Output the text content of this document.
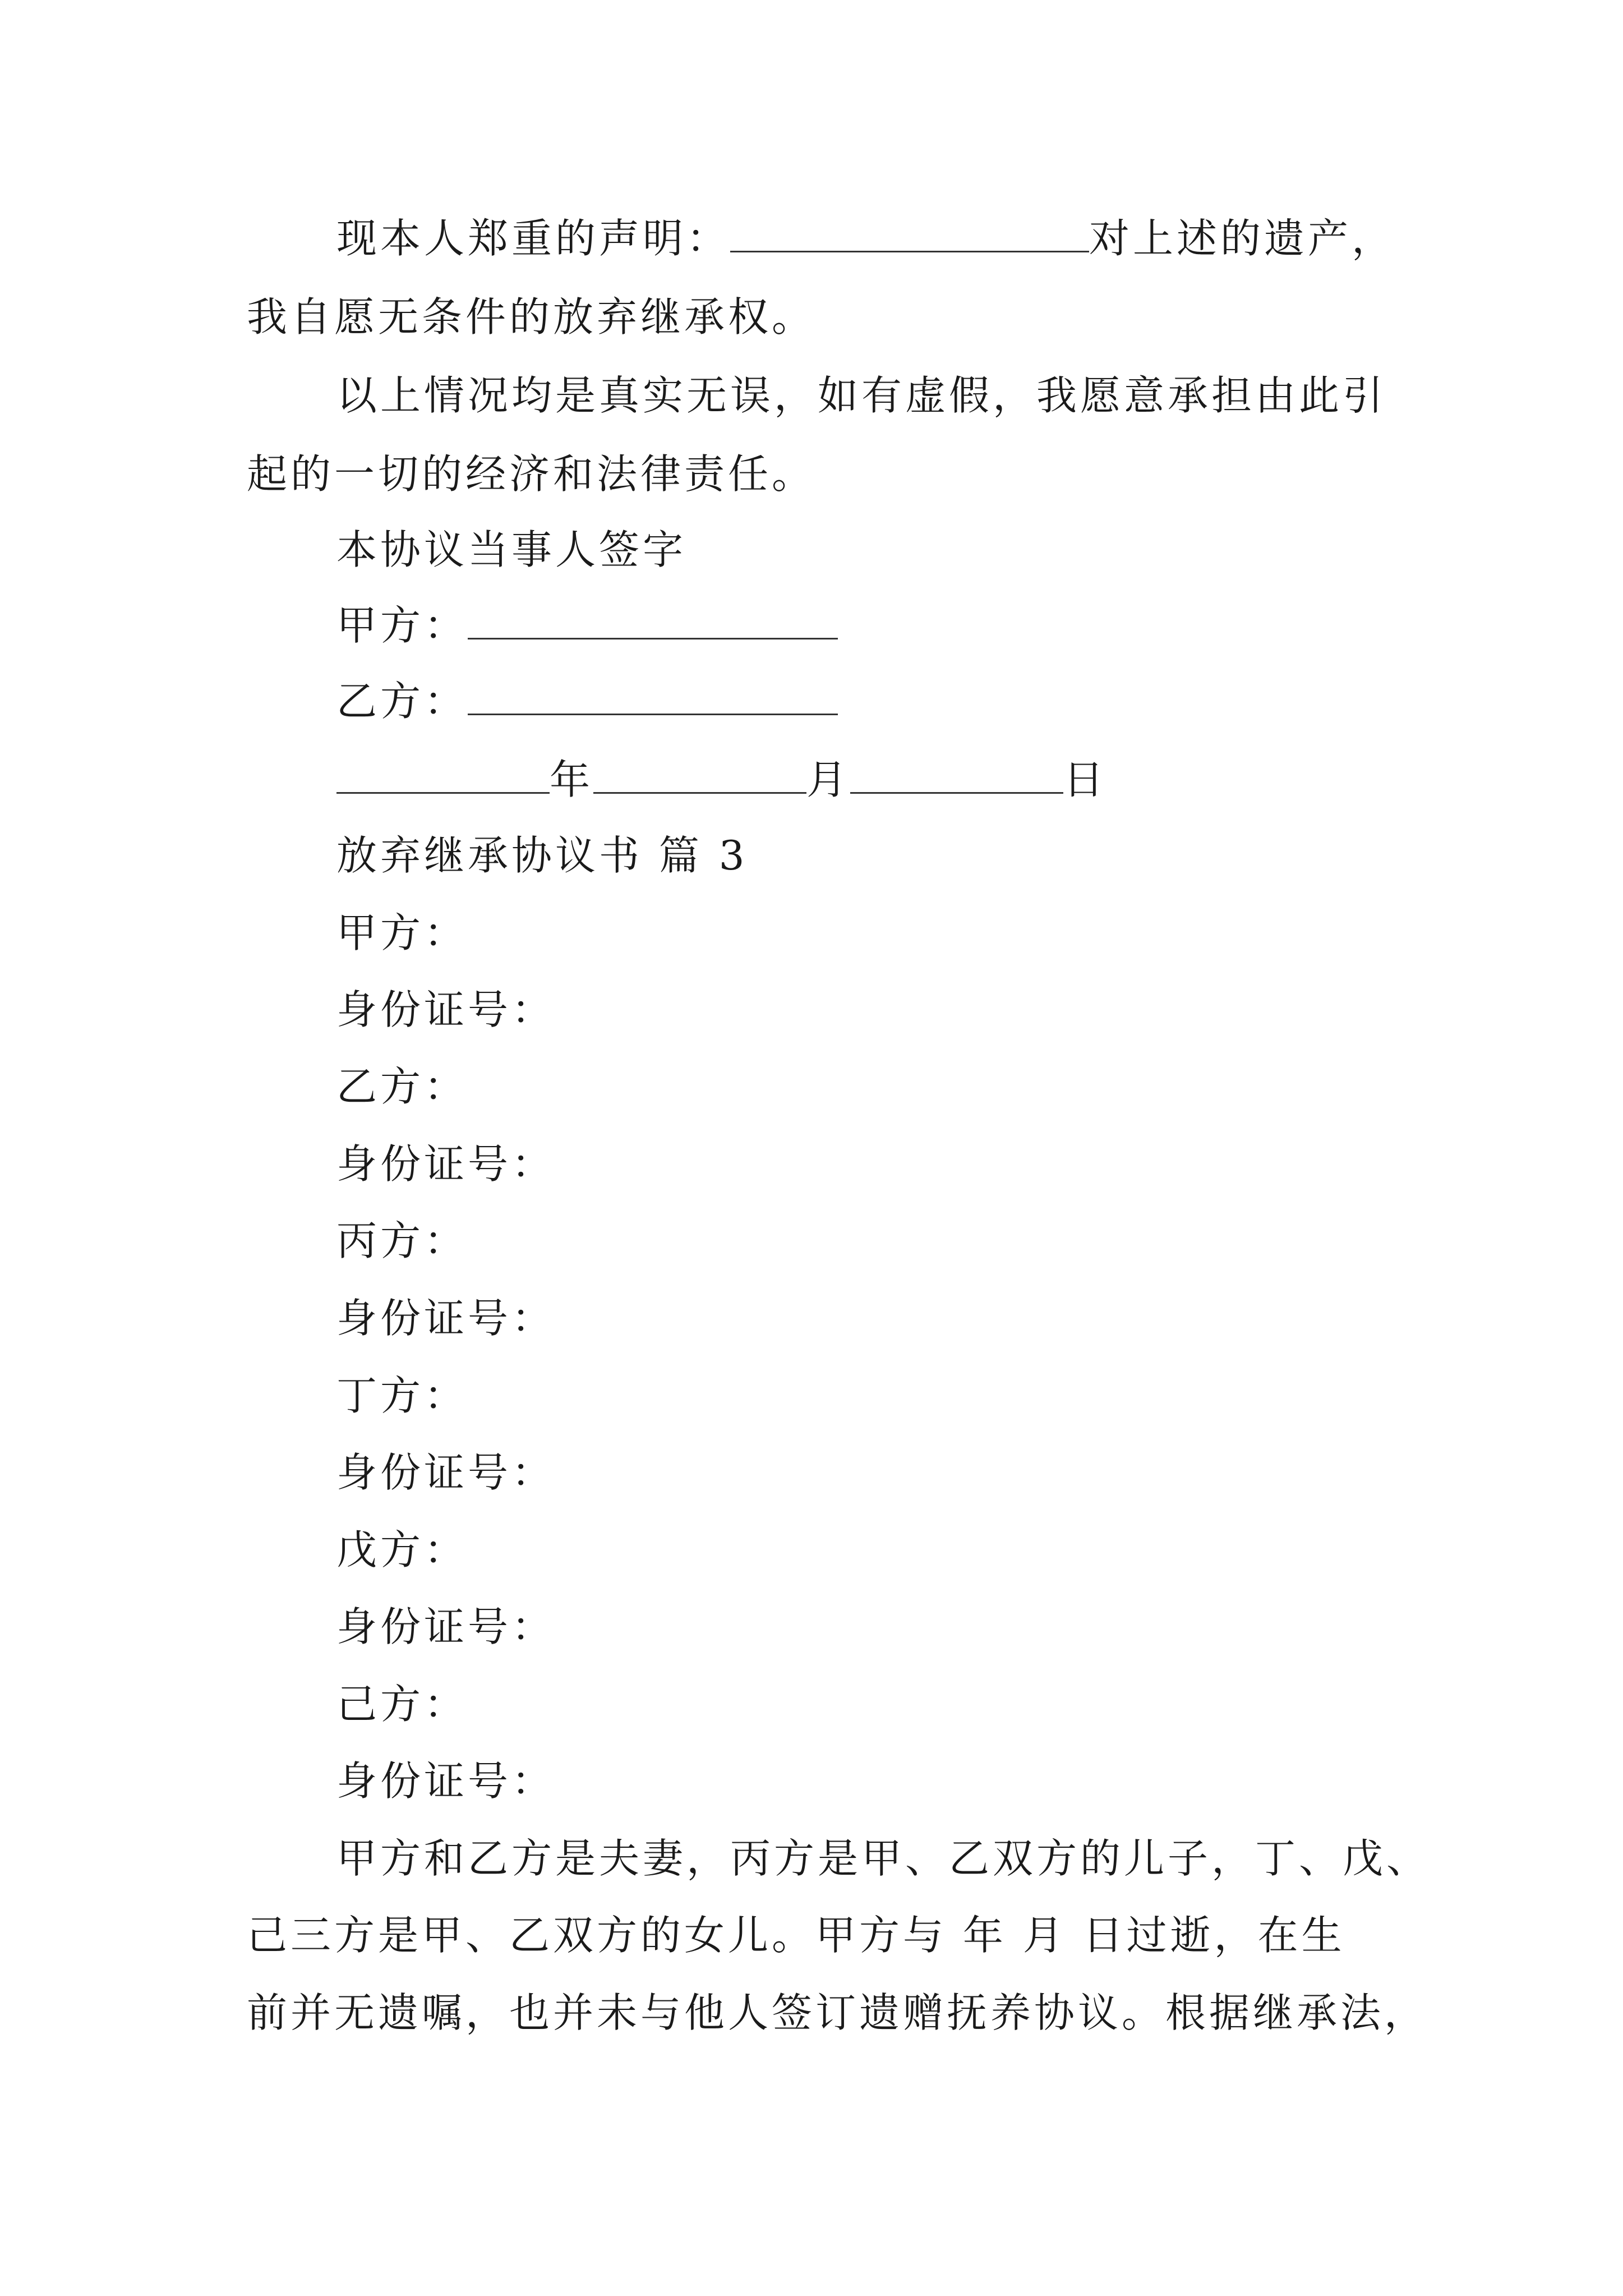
现本人郑重的声明：	对上述的遗产，
我自愿无条件的放弃继承权。
以上情况均是真实无误，如有虚假，我愿意承担由此引
起的一切的经济和法律责任。
本协议当事人签字
甲方：
乙方：
年	月	日
放弃继承协议书 篇 3
甲方：
身份证号：
乙方：
身份证号：
丙方：
身份证号：
丁方：
身份证号：
戊方：
身份证号：
己方：
身份证号：
甲方和乙方是夫妻，丙方是甲、乙双方的儿子，丁、戊、
己三方是甲、乙双方的女儿。甲方与 年 月 日过逝，在生
前并无遗嘱，也并未与他人签订遗赠抚养协议。根据继承法，
